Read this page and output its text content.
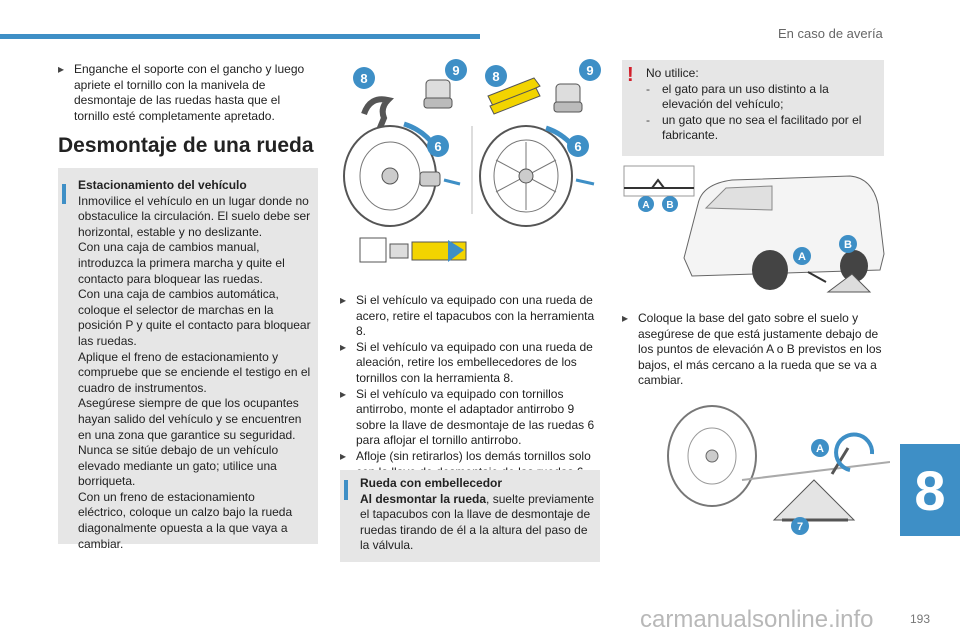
En caso de avería
▸ Enganche el soporte con el gancho y luego apriete el tornillo con la manivela de desmontaje de las ruedas hasta que el tornillo esté completamente apretado.
Desmontaje de una rueda
Estacionamiento del vehículo
Inmovilice el vehículo en un lugar donde no
obstaculice la circulación. El suelo debe ser
horizontal, estable y no deslizante.
Con una caja de cambios manual,
introduzca la primera marcha y quite el
contacto para bloquear las ruedas.
Con una caja de cambios automática,
coloque el selector de marchas en la
posición P y quite el contacto para bloquear
las ruedas.
Aplique el freno de estacionamiento y
compruebe que se enciende el testigo en el
cuadro de instrumentos.
Asegúrese siempre de que los ocupantes
hayan salido del vehículo y se encuentren
en una zona que garantice su seguridad.
Nunca se sitúe debajo de un vehículo
elevado mediante un gato; utilice una
borriqueta.
Con un freno de estacionamiento
eléctrico, coloque un calzo bajo la rueda
diagonalmente opuesta a la que vaya a
cambiar.
8
9	8	9
6	6
▸ Si el vehículo va equipado con una rueda de acero, retire el tapacubos con la herramienta 8.
▸ Si el vehículo va equipado con una rueda de aleación, retire los embellecedores de los tornillos con la herramienta 8.
▸ Si el vehículo va equipado con tornillos antirrobo, monte el adaptador antirrobo 9 sobre la llave de desmontaje de las ruedas 6 para aflojar el tornillo antirrobo.
▸ Afloje (sin retirarlos) los demás tornillos solo
Rueda con embellecedor
Al desmontar la rueda, suelte previamente el tapacubos con la llave de desmontaje de ruedas tirando de él a la altura del paso de la válvula.
! No utilice:
-	el gato para un uso distinto a la elevación del vehículo;
-	un gato que no sea el facilitado por el fabricante.
A B
A
B
▸ Coloque la base del gato sobre el suelo y asegúrese de que está justamente debajo de los puntos de elevación A o B previstos en los bajos, el más cercano a la rueda que se va a cambiar.
A
7
8
carmanualsonline.info	193
